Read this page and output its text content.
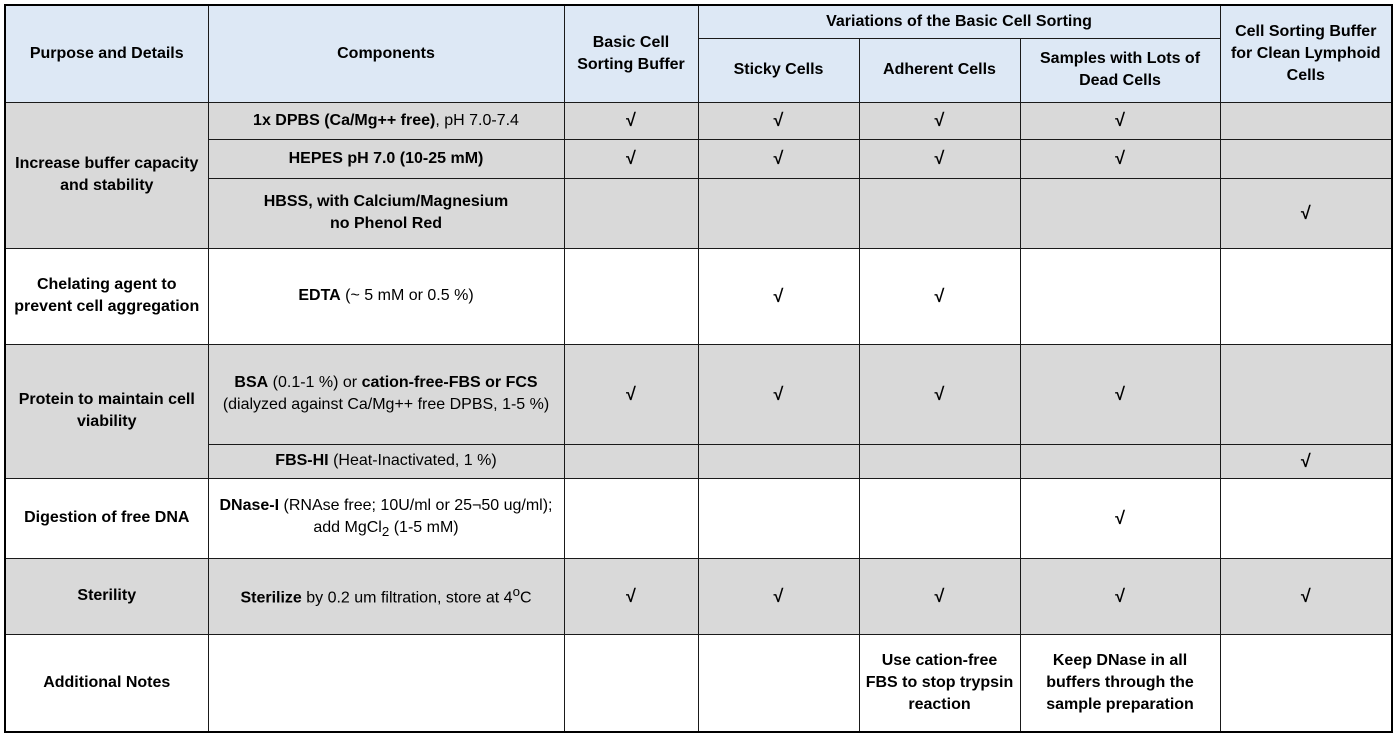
Purpose and Details	Components	Basic Cell Sorting Buffer	Variations of the Basic Cell Sorting			Cell Sorting Buffer for Clean Lymphoid Cells
			Sticky Cells	Adherent Cells	Samples with Lots of Dead Cells	
Increase buffer capacity and stability	1x DPBS (Ca/Mg++ free), pH 7.0-7.4	√	√	√	√	
	HEPES pH 7.0 (10-25 mM)	√	√	√	√	
	HBSS, with Calcium/Magnesium
no Phenol Red					√
Chelating agent to prevent cell aggregation	EDTA (~ 5 mM or 0.5 %)		√	√		
Protein to maintain cell viability	BSA (0.1-1 %) or cation-free-FBS or FCS (dialyzed against Ca/Mg++ free DPBS, 1-5 %)	√	√	√	√	
	FBS-HI (Heat-Inactivated, 1 %)					√
Digestion of free DNA	DNase-I (RNAse free; 10U/ml or 25¬50 ug/ml); add MgCl$_2$ (1-5 mM)				√	
Sterility	Sterilize by 0.2 um filtration, store at 4$^o$C	√	√	√	√	√
Additional Notes				Use cation-free FBS to stop trypsin reaction	Keep DNase in all buffers through the sample preparation	
